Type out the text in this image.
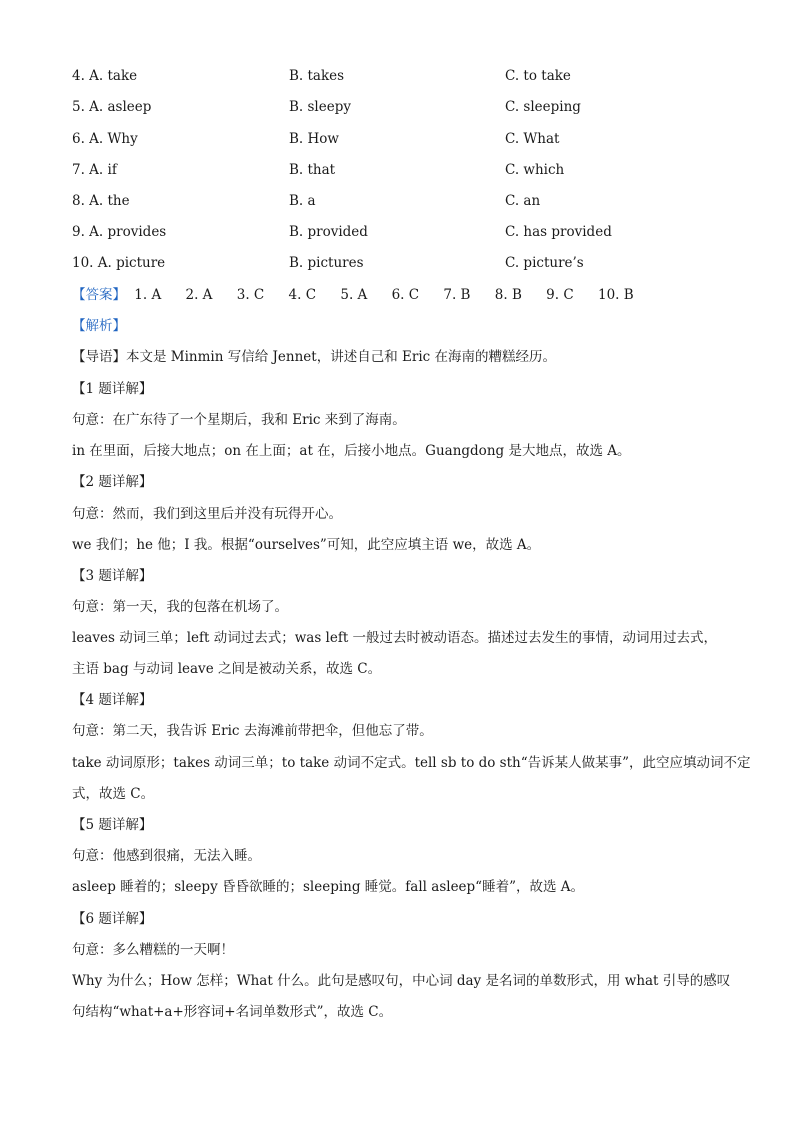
4. A. take	B. takes	C. to take
5. A. asleep	B. sleepy	C. sleeping
6. A. Why	B. How	C. What
7. A. if	B. that	C. which
8. A. the	B. a	C. an
9. A. provides	B. provided	C. has provided
10. A. picture	B. pictures	C. picture’s
【答案】 1. A 2. A 3. C 4. C 5. A 6. C 7. B 8. B 9. C 10. B
【解析】
【导语】本文是 Minmin 写信给 Jennet，讲述自己和 Eric 在海南的糟糕经历。
【1 题详解】
句意：在广东待了一个星期后，我和 Eric 来到了海南。
in 在里面，后接大地点；on 在上面；at 在，后接小地点。Guangdong 是大地点，故选 A。
【2 题详解】
句意：然而，我们到这里后并没有玩得开心。
we 我们；he 他；I 我。根据“ourselves”可知，此空应填主语 we，故选 A。
【3 题详解】
句意：第一天，我的包落在机场了。
leaves 动词三单；left 动词过去式；was left 一般过去时被动语态。描述过去发生的事情，动词用过去式，
主语 bag 与动词 leave 之间是被动关系，故选 C。
【4 题详解】
句意：第二天，我告诉 Eric 去海滩前带把伞，但他忘了带。
take 动词原形；takes 动词三单；to take 动词不定式。tell sb to do sth“告诉某人做某事”，此空应填动词不定
式，故选 C。
【5 题详解】
句意：他感到很痛，无法入睡。
asleep 睡着的；sleepy 昏昏欲睡的；sleeping 睡觉。fall asleep“睡着”，故选 A。
【6 题详解】
句意：多么糟糕的一天啊！
Why 为什么；How 怎样；What 什么。此句是感叹句，中心词 day 是名词的单数形式，用 what 引导的感叹
句结构“what+a+形容词+名词单数形式”，故选 C。
